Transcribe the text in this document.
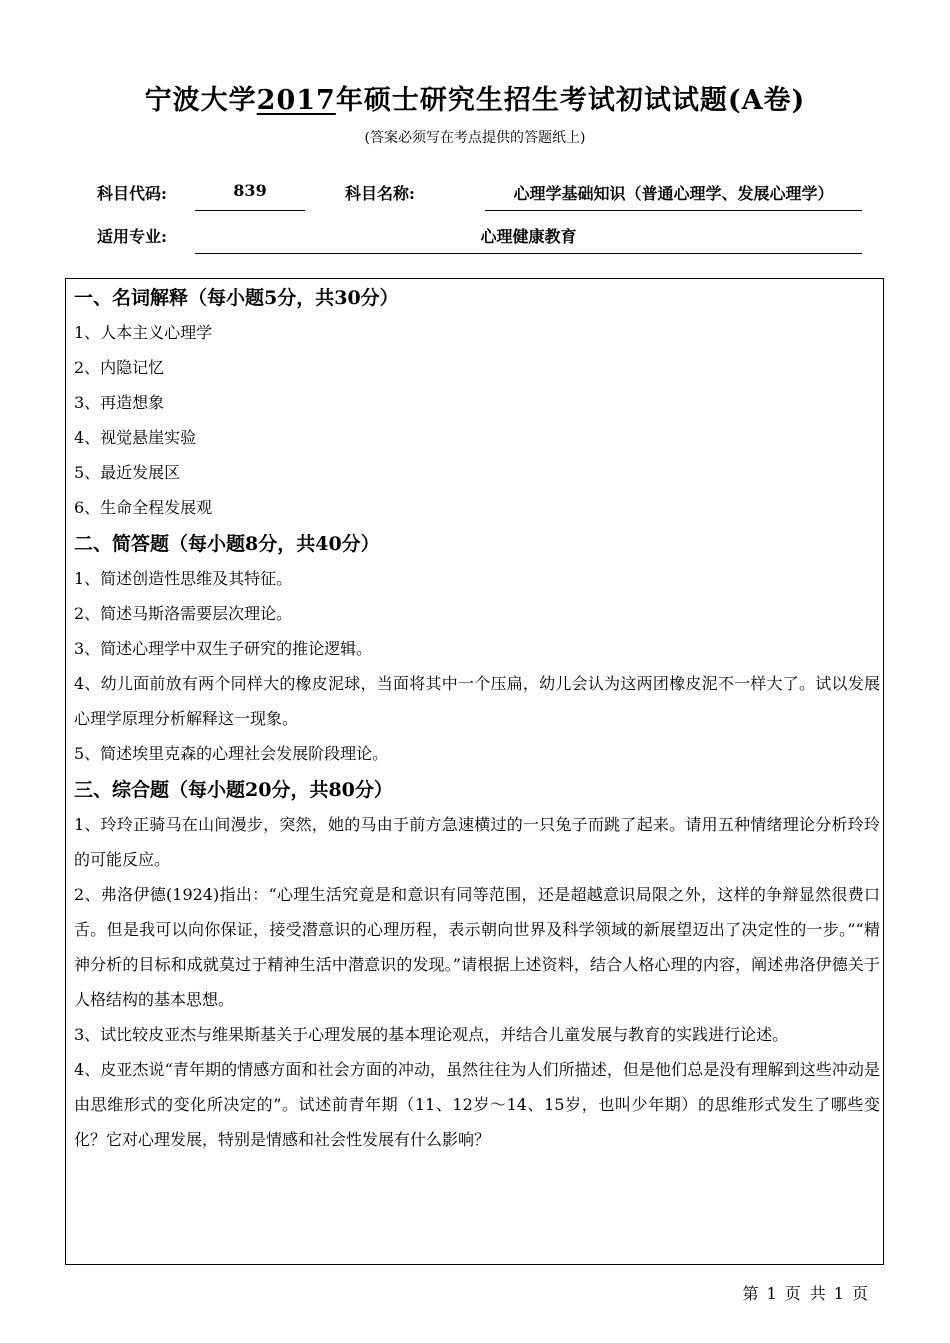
宁波大学2017年硕士研究生招生考试初试试题(A卷)
(答案必须写在考点提供的答题纸上)
科目代码:	839	科目名称:	心理学基础知识（普通心理学、发展心理学）
适用专业:	心理健康教育
一、名词解释（每小题5分，共30分）
1、人本主义心理学
2、内隐记忆
3、再造想象
4、视觉悬崖实验
5、最近发展区
6、生命全程发展观
二、简答题（每小题8分，共40分）
1、简述创造性思维及其特征。
2、简述马斯洛需要层次理论。
3、简述心理学中双生子研究的推论逻辑。
4、幼儿面前放有两个同样大的橡皮泥球，当面将其中一个压扁，幼儿会认为这两团橡皮泥不一样大了。试以发展心理学原理分析解释这一现象。
5、简述埃里克森的心理社会发展阶段理论。
三、综合题（每小题20分，共80分）
1、玲玲正骑马在山间漫步，突然，她的马由于前方急速横过的一只兔子而跳了起来。请用五种情绪理论分析玲玲的可能反应。
2、弗洛伊德(1924)指出：“心理生活究竟是和意识有同等范围，还是超越意识局限之外，这样的争辩显然很费口舌。但是我可以向你保证，接受潜意识的心理历程，表示朝向世界及科学领域的新展望迈出了决定性的一步。”“精神分析的目标和成就莫过于精神生活中潜意识的发现。”请根据上述资料，结合人格心理的内容，阐述弗洛伊德关于人格结构的基本思想。
3、试比较皮亚杰与维果斯基关于心理发展的基本理论观点，并结合儿童发展与教育的实践进行论述。
4、皮亚杰说“青年期的情感方面和社会方面的冲动，虽然往往为人们所描述，但是他们总是没有理解到这些冲动是由思维形式的变化所决定的”。试述前青年期（11、12岁～14、15岁，也叫少年期）的思维形式发生了哪些变化？它对心理发展，特别是情感和社会性发展有什么影响？
第 1 页 共 1 页
